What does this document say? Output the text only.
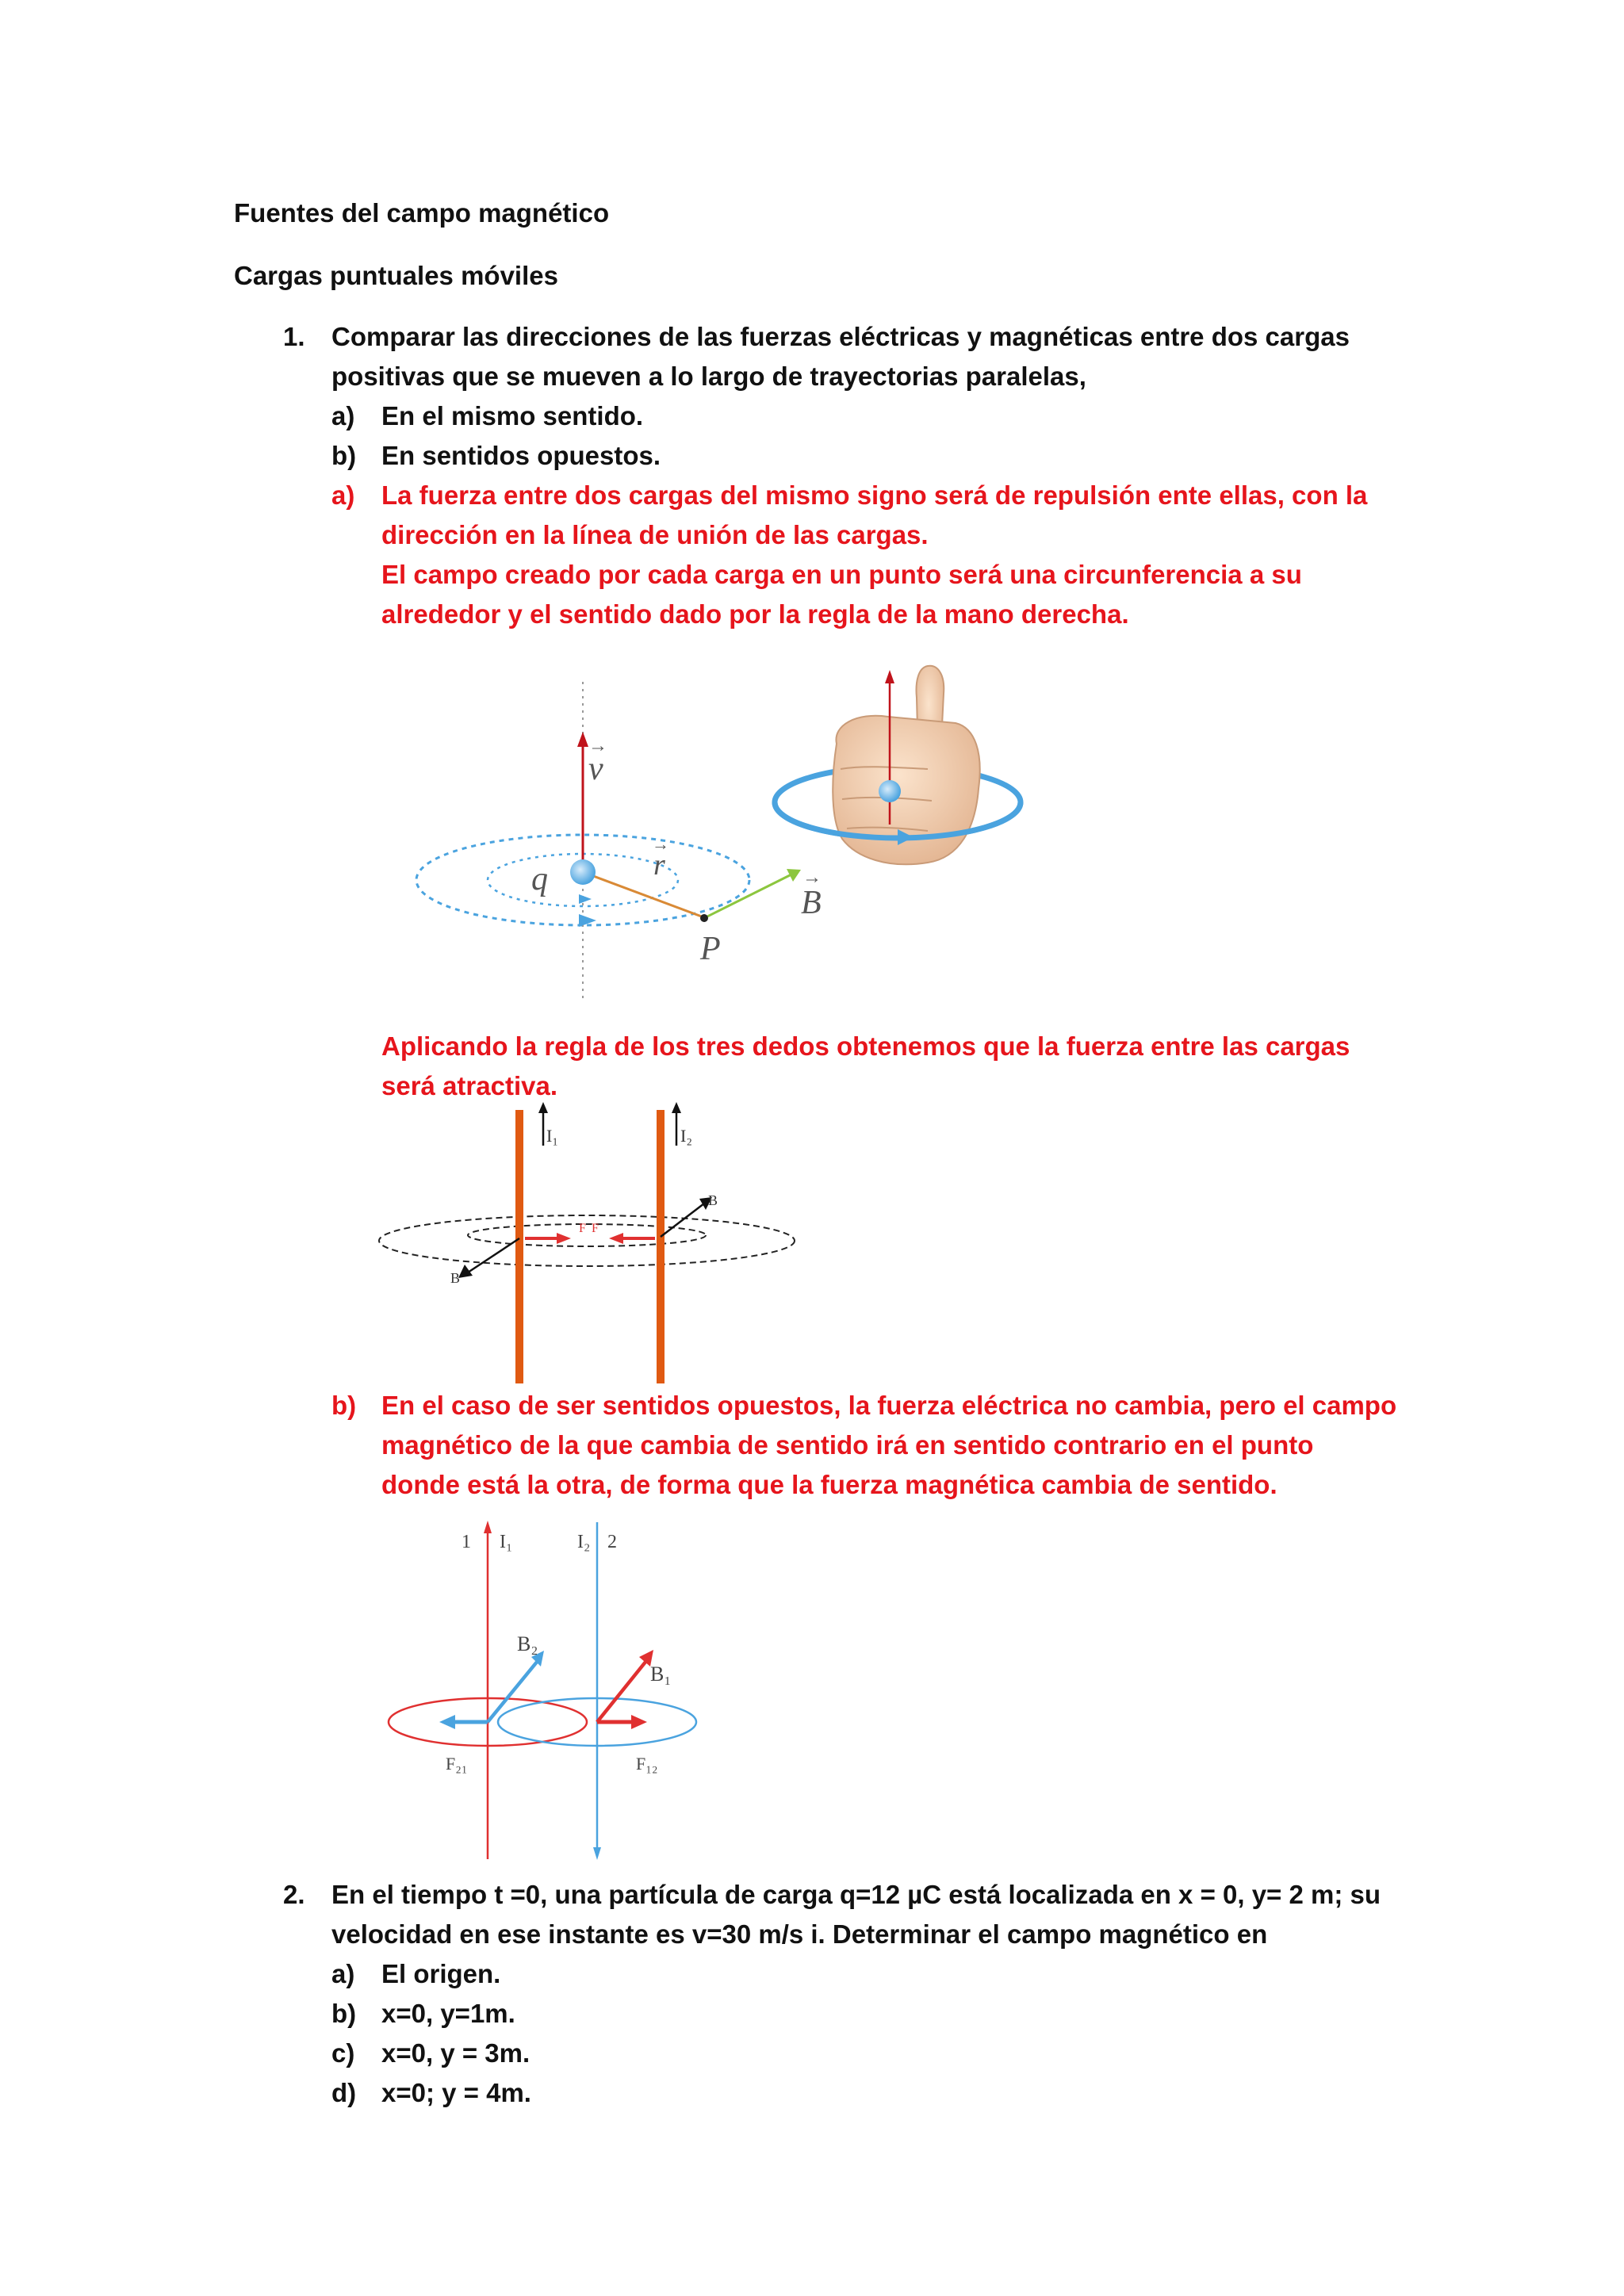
Fuentes del campo magnético
Cargas puntuales móviles
1. Comparar las direcciones de las fuerzas eléctricas y magnéticas entre dos cargas
positivas que se mueven a lo largo de trayectorias paralelas,
a) En el mismo sentido.
b) En sentidos opuestos.
a) La fuerza entre dos cargas del mismo signo será de repulsión ente ellas, con la
dirección en la línea de unión de las cargas.
El campo creado por cada carga en un punto será una circunferencia a su
alrededor y el sentido dado por la regla de la mano derecha.
v
→
q	r
→
B
→
P
Aplicando la regla de los tres dedos obtenemos que la fuerza entre las cargas
será atractiva.
I₁	I₂
B
B
F F
b) En el caso de ser sentidos opuestos, la fuerza eléctrica no cambia, pero el campo
magnético de la que cambia de sentido irá en sentido contrario en el punto
donde está la otra, de forma que la fuerza magnética cambia de sentido.
1 I₁	I₂ 2
B₂
B₁
F₂₁	F₁₂
2. En el tiempo t =0, una partícula de carga q=12 µC está localizada en x = 0, y= 2 m; su
velocidad en ese instante es v=30 m/s i. Determinar el campo magnético en
a) El origen.
b) x=0, y=1m.
c) x=0, y = 3m.
d) x=0; y = 4m.
